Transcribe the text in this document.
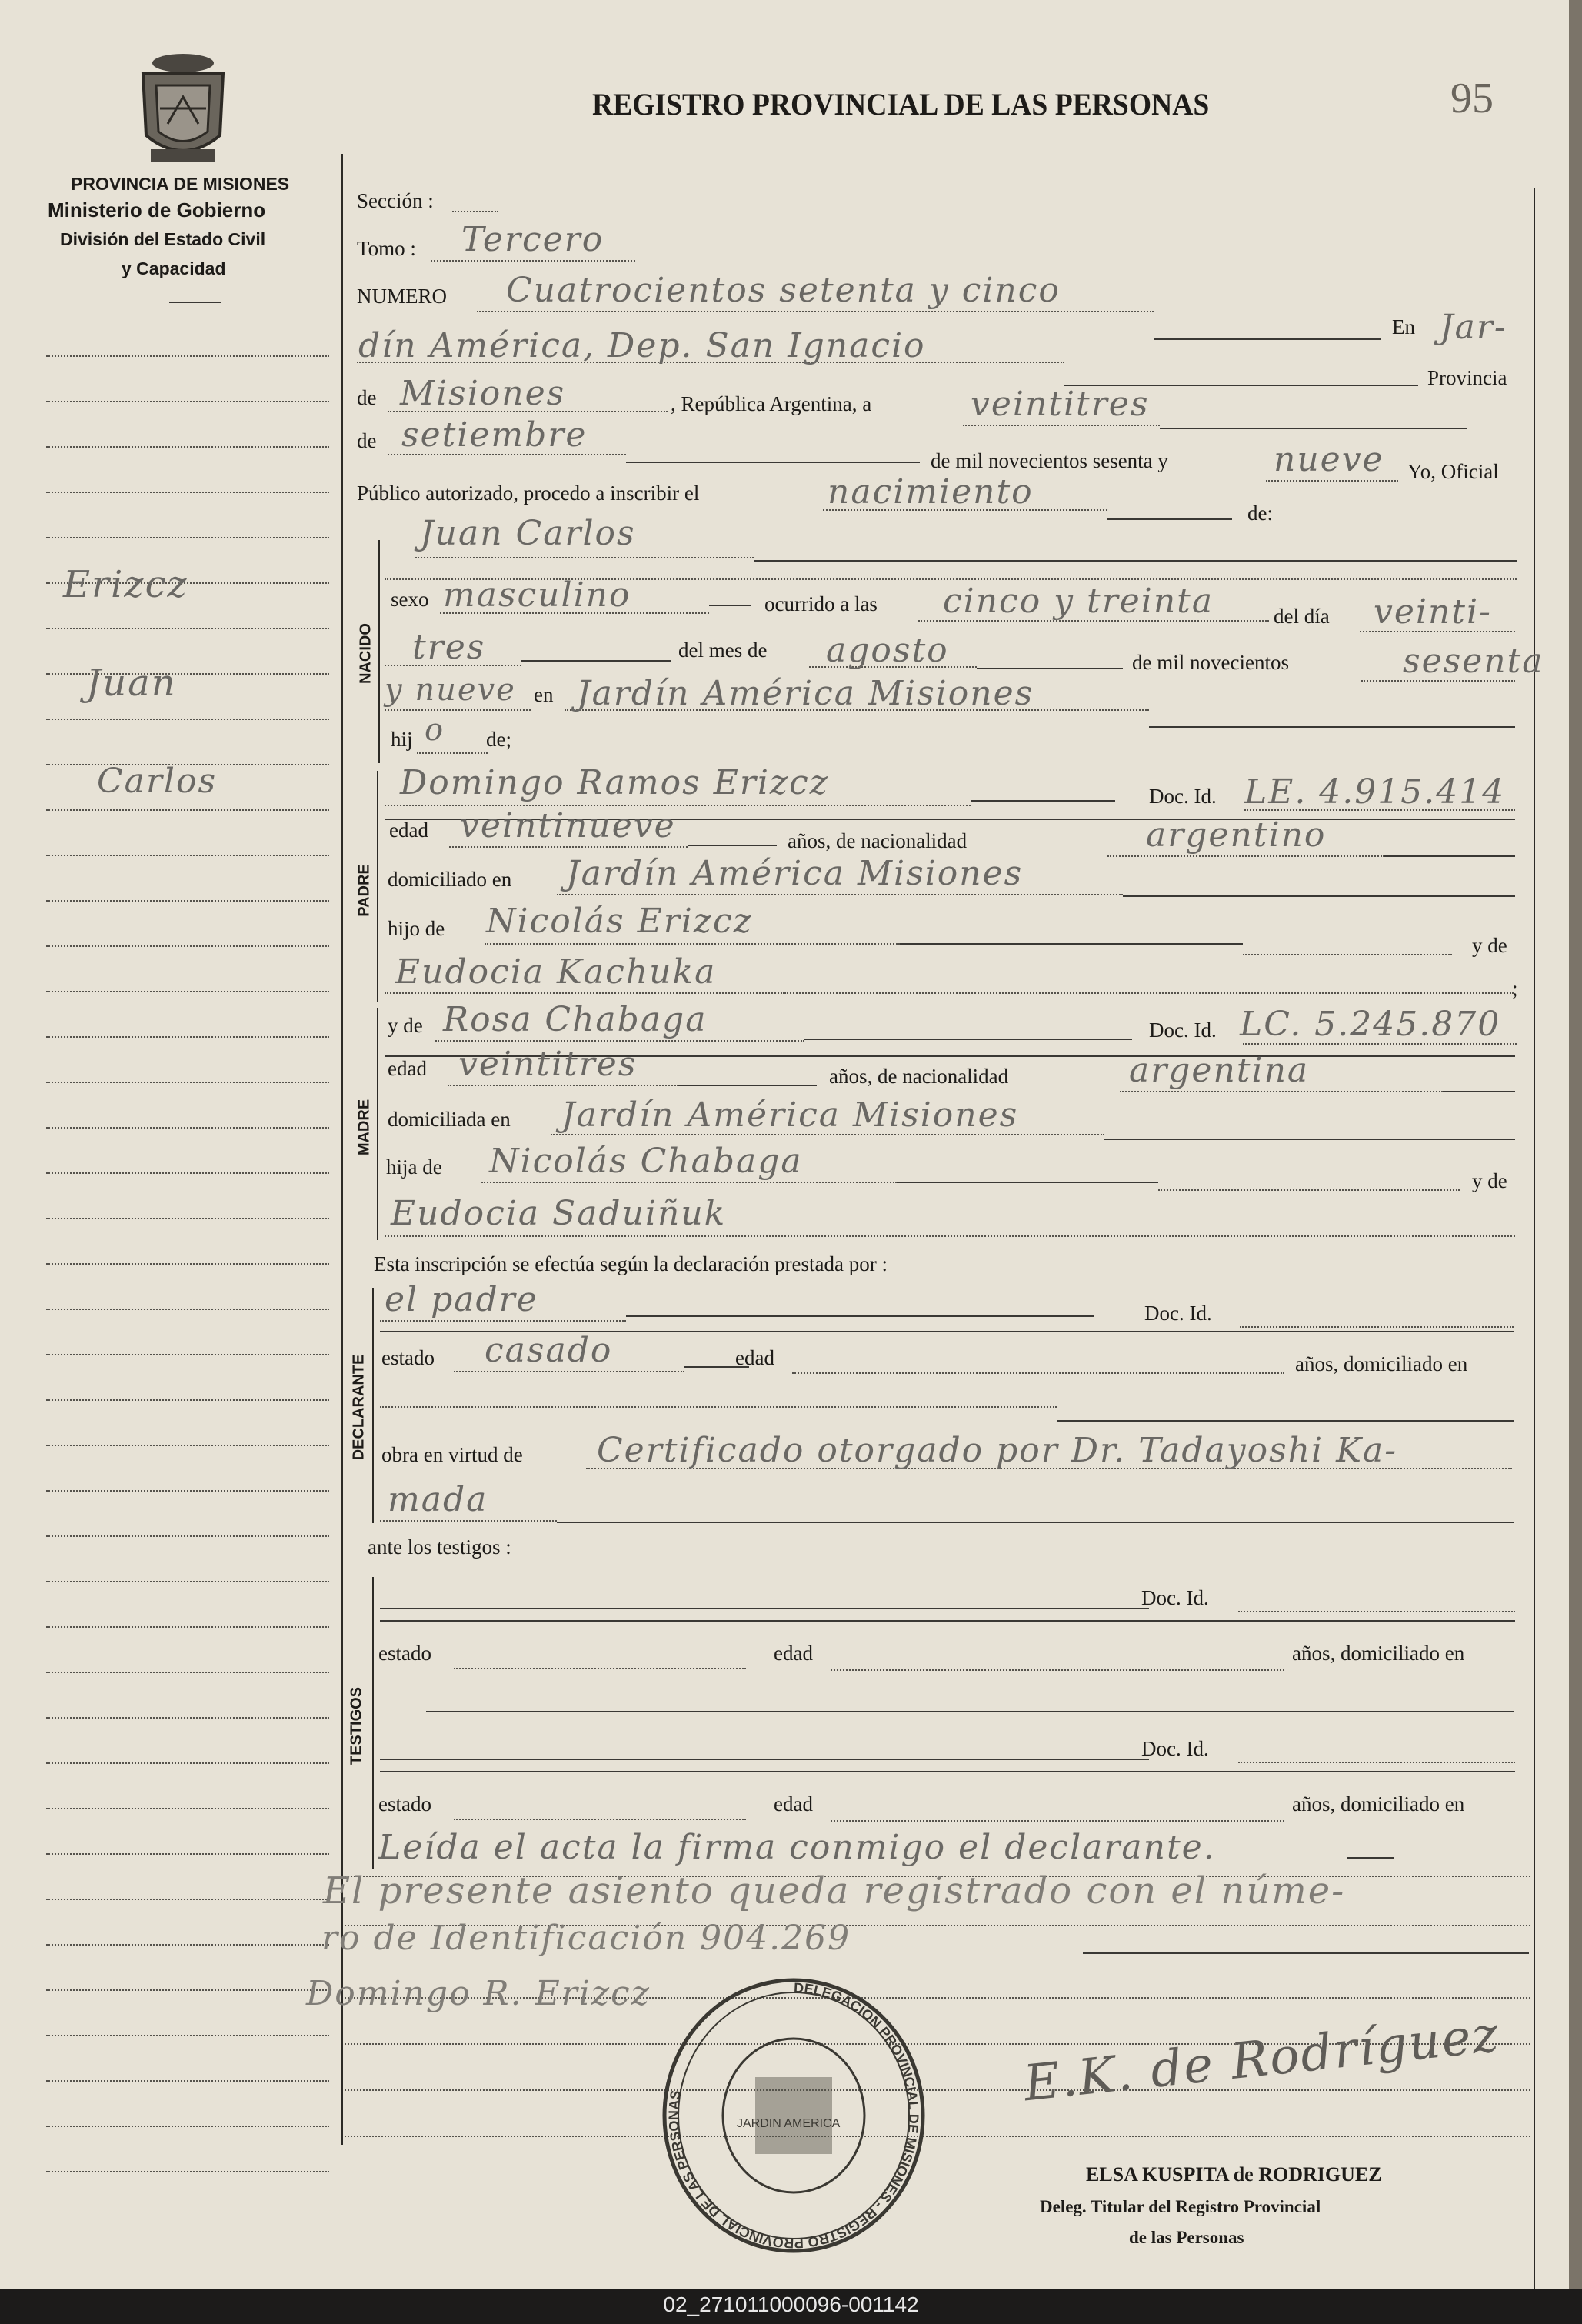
PROVINCIA DE MISIONES
Ministerio de Gobierno
División del Estado Civil
y Capacidad
REGISTRO PROVINCIAL DE LAS PERSONAS	95
Erizcz
Juan
Carlos
Sección :
Tomo : Tercero
NUMERO Cuatrocientos setenta y cinco
En Jar-
dín América, Dep. San Ignacio
Provincia
de Misiones	, República Argentina, a	veintitres
de setiembre
de mil novecientos sesenta y	nueve Yo, Oficial
Público autorizado, procedo a inscribir el	nacimiento
de:
NACIDO
Juan Carlos
sexo masculino	ocurrido a las cinco y treinta	del día veinti-
tres	del mes de agosto	de mil novecientos	sesenta
y nueve en Jardín América Misiones
hij o de;
PADRE
Domingo Ramos Erizcz	Doc. Id. LE. 4.915.414
edad veintinueve	años, de nacionalidad	argentino
domiciliado en Jardín América Misiones
hijo de Nicolás Erizcz
y de
Eudocia Kachuka	;
MADRE
y de Rosa Chabaga	Doc. Id. LC. 5.245.870
edad veintitres	años, de nacionalidad	argentina
domiciliada en Jardín América Misiones
hija de Nicolás Chabaga	y de
Eudocia Saduiñuk
Esta inscripción se efectúa según la declaración prestada por :
DECLARANTE
el padre	Doc. Id.
estado casado	edad	años, domiciliado en
obra en virtud de Certificado otorgado por Dr. Tadayoshi Ka-
mada
ante los testigos :
TESTIGOS
Doc. Id.
estado	edad	años, domiciliado en
Doc. Id.
estado	edad	años, domiciliado en
Leída el acta la firma conmigo el declarante.
El presente asiento queda registrado con el núme-
ro de Identificación 904.269
Domingo R. Erizcz	DELEGACION PROVINCIAL DE MISIONES - REGISTRO PROVINCIAL DE LAS PERSONAS
JARDIN AMERICA
E.K. de Rodríguez
ELSA KUSPITA de RODRIGUEZ
Deleg. Titular del Registro Provincial
de las Personas
02_271011000096-001142
